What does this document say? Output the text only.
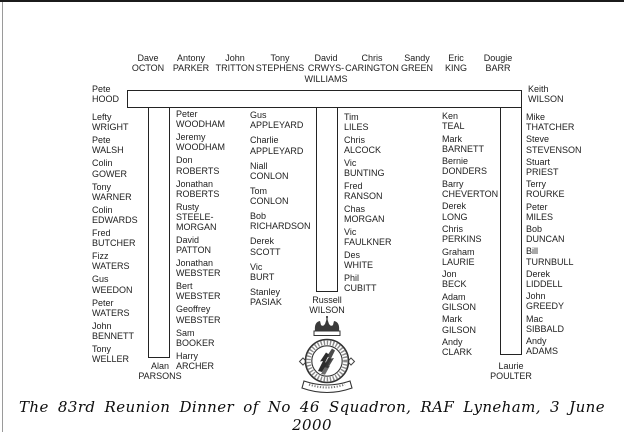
Dave
OCTON
Antony
PARKER
John
TRITTON
Tony
STEPHENS
David
CRWYS-WILLIAMS
Chris
CARINGTON
Sandy
GREEN
Eric
KING
Dougie
BARR
Pete
HOOD
Keith
WILSON
Lefty
WRIGHT
Pete
WALSH
Colin
GOWER
Tony
WARNER
Colin
EDWARDS
Fred
BUTCHER
Fizz
WATERS
Gus
WEEDON
Peter
WATERS
John
BENNETT
Tony
WELLER
Peter
WOODHAM
Jeremy
WOODHAM
Don
ROBERTS
Jonathan
ROBERTS
Rusty
STEELE-MORGAN
David
PATTON
Jonathan
WEBSTER
Bert
WEBSTER
Geoffrey
WEBSTER
Sam
BOOKER
Harry
ARCHER
Gus
APPLEYARD
Charlie
APPLEYARD
Niall
CONLON
Tom
CONLON
Bob
RICHARDSON
Derek
SCOTT
Vic
BURT
Stanley
PASIAK
Tim
LILES
Chris
ALCOCK
Vic
BUNTING
Fred
RANSON
Chas
MORGAN
Vic
FAULKNER
Des
WHITE
Phil
CUBITT
Ken
TEAL
Mark
BARNETT
Bernie
DONDERS
Barry
CHEVERTON
Derek
LONG
Chris
PERKINS
Graham
LAURIE
Jon
BECK
Adam
GILSON
Mark
GILSON
Andy
CLARK
Mike
THATCHER
Steve
STEVENSON
Stuart
PRIEST
Terry
ROURKE
Peter
MILES
Bob
DUNCAN
Bill
TURNBULL
Derek
LIDDELL
John
GREEDY
Mac
SIBBALD
Andy
ADAMS
Alan
PARSONS
Russell
WILSON
Laurie
POULTER
The 83rd Reunion Dinner of No 46 Squadron, RAF Lyneham, 3 June 2000
